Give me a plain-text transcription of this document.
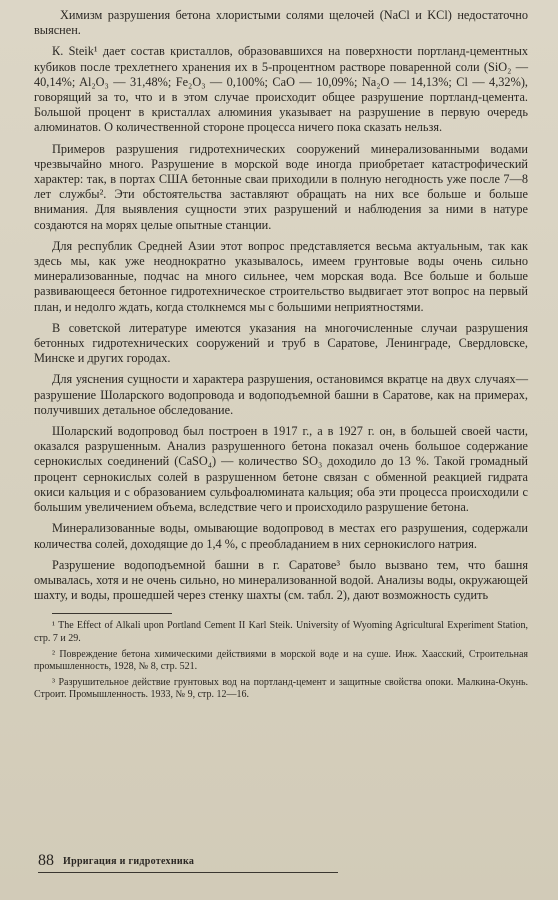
Химизм разрушения бетона хлористыми солями щелочей (NaCl и KCl) недостаточно выяснен.

К. Steik¹ дает состав кристаллов, образовавшихся на поверхности портланд-цементных кубиков после трехлетнего хранения их в 5-процентном растворе поваренной соли (SiO₂ — 40,14%; Al₂O₃ — 31,48%; Fe₂O₃ — 0,100%; CaO — 10,09%; Na₂O — 14,13%; Cl — 4,32%), говорящий за то, что и в этом случае происходит общее разрушение портланд-цемента. Большой процент в кристаллах алюминия указывает на разрушение в первую очередь алюминатов. О количественной стороне процесса ничего пока сказать нельзя.

Примеров разрушения гидротехнических сооружений минерализованными водами чрезвычайно много. Разрушение в морской воде иногда приобретает катастрофический характер: так, в портах США бетонные сваи приходили в полную негодность уже после 7—8 лет службы². Эти обстоятельства заставляют обращать на них все больше и больше внимания. Для выявления сущности этих разрушений и наблюдения за ними в натуре создаются на морях целые опытные станции.

Для республик Средней Азии этот вопрос представляется весьма актуальным, так как здесь мы, как уже неоднократно указывалось, имеем грунтовые воды очень сильно минерализованные, подчас на много сильнее, чем морская вода. Все больше и больше развивающееся бетонное гидротехническое строительство выдвигает этот вопрос на первый план, и недолго ждать, когда столкнемся мы с большими неприятностями.

В советской литературе имеются указания на многочисленные случаи разрушения бетонных гидротехнических сооружений и труб в Саратове, Ленинграде, Свердловске, Минске и других городах.

Для уяснения сущности и характера разрушения, остановимся вкратце на двух случаях—разрушение Шоларского водопровода и водоподъемной башни в Саратове, как на примерах, получивших детальное обследование.

Шоларский водопровод был построен в 1917 г., а в 1927 г. он, в большей своей части, оказался разрушенным. Анализ разрушенного бетона показал очень большое содержание сернокислых соединений (CaSO₄) — количество SO₃ доходило до 13 %. Такой громадный процент сернокислых солей в разрушенном бетоне связан с обменной реакцией гидрата окиси кальция и с образованием сульфоалюмината кальция; оба эти процесса происходили с большим увеличением объема, вследствие чего и происходило разрушение бетона.

Минерализованные воды, омывающие водопровод в местах его разрушения, содержали количества солей, доходящие до 1,4 %, с преобладанием в них сернокислого натрия.

Разрушение водоподъемной башни в г. Саратове³ было вызвано тем, что башня омывалась, хотя и не очень сильно, но минерализованной водой. Анализы воды, окружающей шахту, и воды, прошедшей через стенку шахты (см. табл. 2), дают возможность судить

¹ The Effect of Alkali upon Portland Cement II Karl Steik. University of Wyoming Agricultural Experiment Station, стр. 7 и 29.

² Повреждение бетона химическими действиями в морской воде и на суше. Инж. Хаасский, Строительная промышленность, 1928, № 8, стр. 521.

³ Разрушительное действие грунтовых вод на портланд-цемент и защитные свойства опоки. Малкина-Окунь. Строит. Промышленность. 1933, № 9, стр. 12—16.

88 Ирригация и гидротехника
